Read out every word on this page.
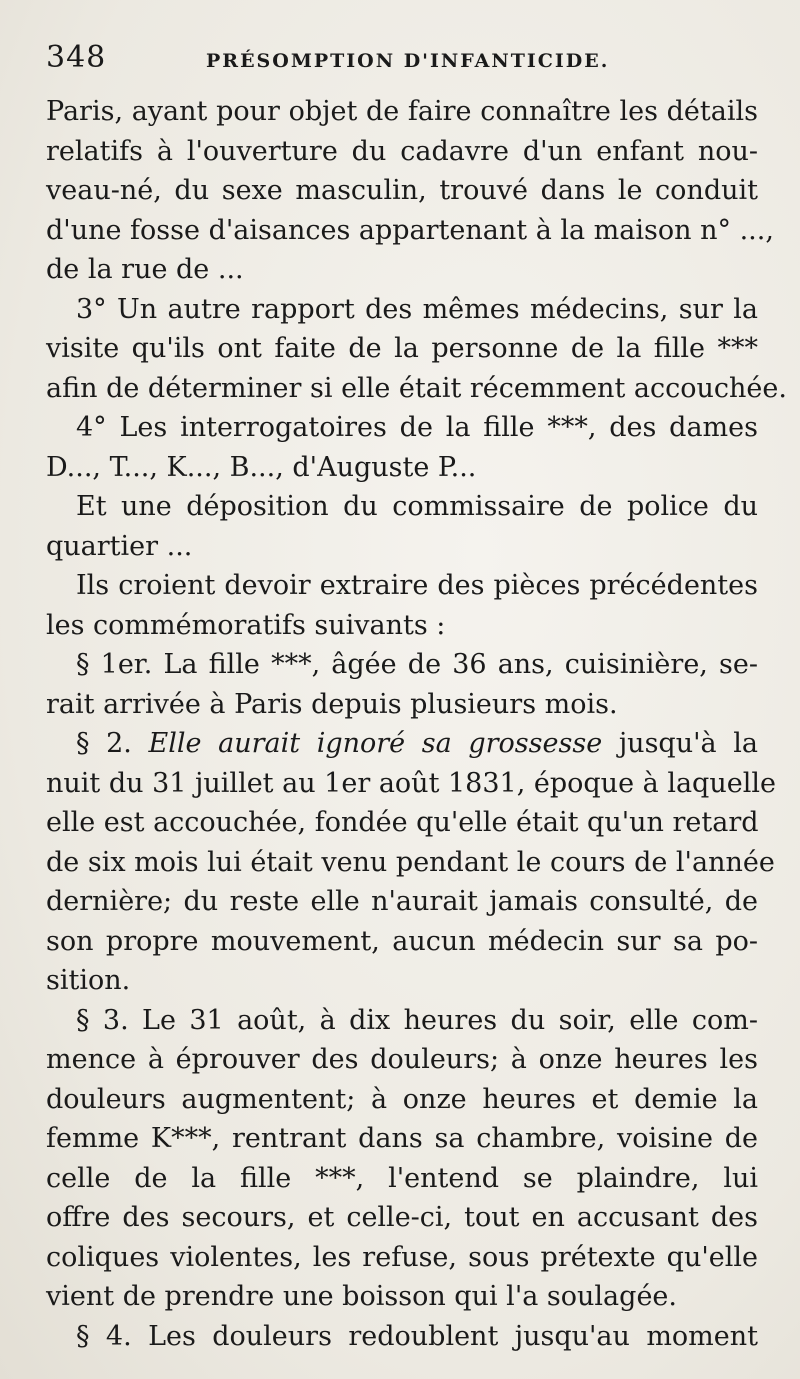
348	PRÉSOMPTION D'INFANTICIDE.
Paris, ayant pour objet de faire connaître les détails
relatifs à l'ouverture du cadavre d'un enfant nou-
veau-né, du sexe masculin, trouvé dans le conduit
d'une fosse d'aisances appartenant à la maison n° ...,
de la rue de ...
3° Un autre rapport des mêmes médecins, sur la
visite qu'ils ont faite de la personne de la fille ***
afin de déterminer si elle était récemment accouchée.
4° Les interrogatoires de la fille ***, des dames
D..., T..., K..., B..., d'Auguste P...
Et une déposition du commissaire de police du
quartier ...
Ils croient devoir extraire des pièces précédentes
les commémoratifs suivants :
§ 1er. La fille ***, âgée de 36 ans, cuisinière, se-
rait arrivée à Paris depuis plusieurs mois.
§ 2. Elle aurait ignoré sa grossesse jusqu'à la
nuit du 31 juillet au 1er août 1831, époque à laquelle
elle est accouchée, fondée qu'elle était qu'un retard
de six mois lui était venu pendant le cours de l'année
dernière; du reste elle n'aurait jamais consulté, de
son propre mouvement, aucun médecin sur sa po-
sition.
§ 3. Le 31 août, à dix heures du soir, elle com-
mence à éprouver des douleurs; à onze heures les
douleurs augmentent; à onze heures et demie la
femme K***, rentrant dans sa chambre, voisine de
celle de la fille ***, l'entend se plaindre, lui
offre des secours, et celle-ci, tout en accusant des
coliques violentes, les refuse, sous prétexte qu'elle
vient de prendre une boisson qui l'a soulagée.
§ 4. Les douleurs redoublent jusqu'au moment
